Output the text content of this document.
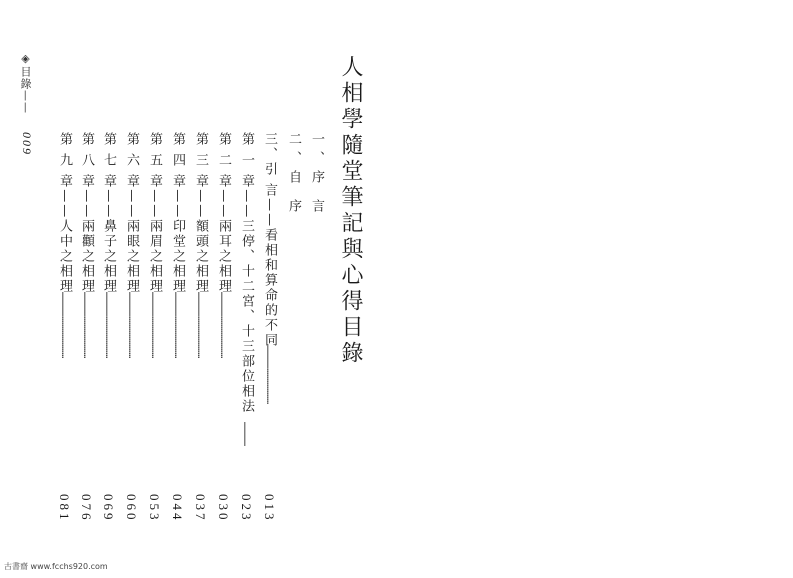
◈目錄——
009	人相學隨堂筆記與心得目錄
一、序 言
二、自 序
三、引 言——看相和算命的不同
…………………………
013
第 一 章——三停、十二宮、十三部位相法
…………
023
第 二 章——兩耳之相理
……………………………
030
第 三 章——額頭之相理
……………………………
037
第 四 章——印堂之相理
……………………………
044
第 五 章——兩眉之相理
……………………………
053
第 六 章——兩眼之相理
……………………………
060
第 七 章——鼻子之相理
……………………………
069
第 八 章——兩顴之相理
……………………………
076
第 九 章——人中之相理
……………………………
081
古書齋 www.fcchs920.com
